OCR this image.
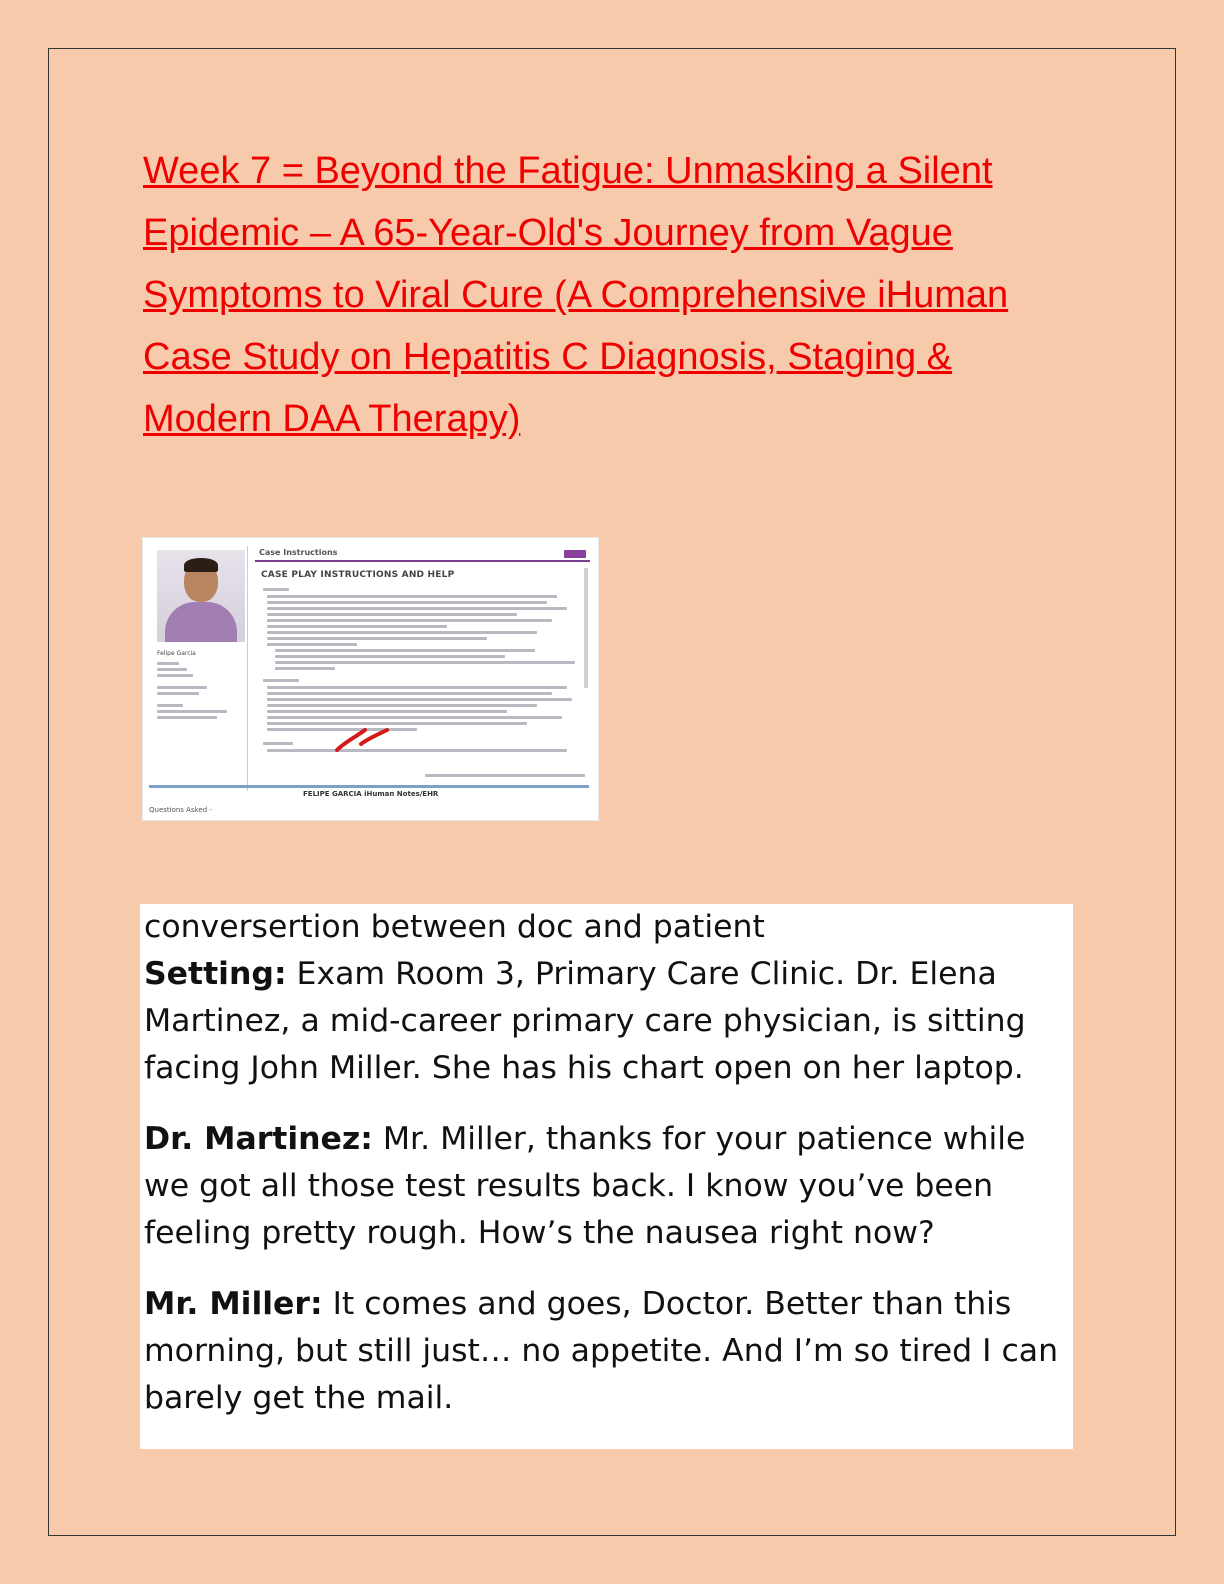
Week 7 = Beyond the Fatigue: Unmasking a Silent Epidemic – A 65-Year-Old's Journey from Vague Symptoms to Viral Cure (A Comprehensive iHuman Case Study on Hepatitis C Diagnosis, Staging & Modern DAA Therapy)
Felipe Garcia
Case Instructions
CASE PLAY INSTRUCTIONS AND HELP
FELIPE GARCIA iHuman Notes/EHR
Questions Asked -

conversertion between doc and patient

Setting: Exam Room 3, Primary Care Clinic. Dr. Elena Martinez, a mid-career primary care physician, is sitting facing John Miller. She has his chart open on her laptop.

Dr. Martinez: Mr. Miller, thanks for your patience while we got all those test results back. I know you’ve been feeling pretty rough. How’s the nausea right now?

Mr. Miller: It comes and goes, Doctor. Better than this morning, but still just… no appetite. And I’m so tired I can barely get the mail.
